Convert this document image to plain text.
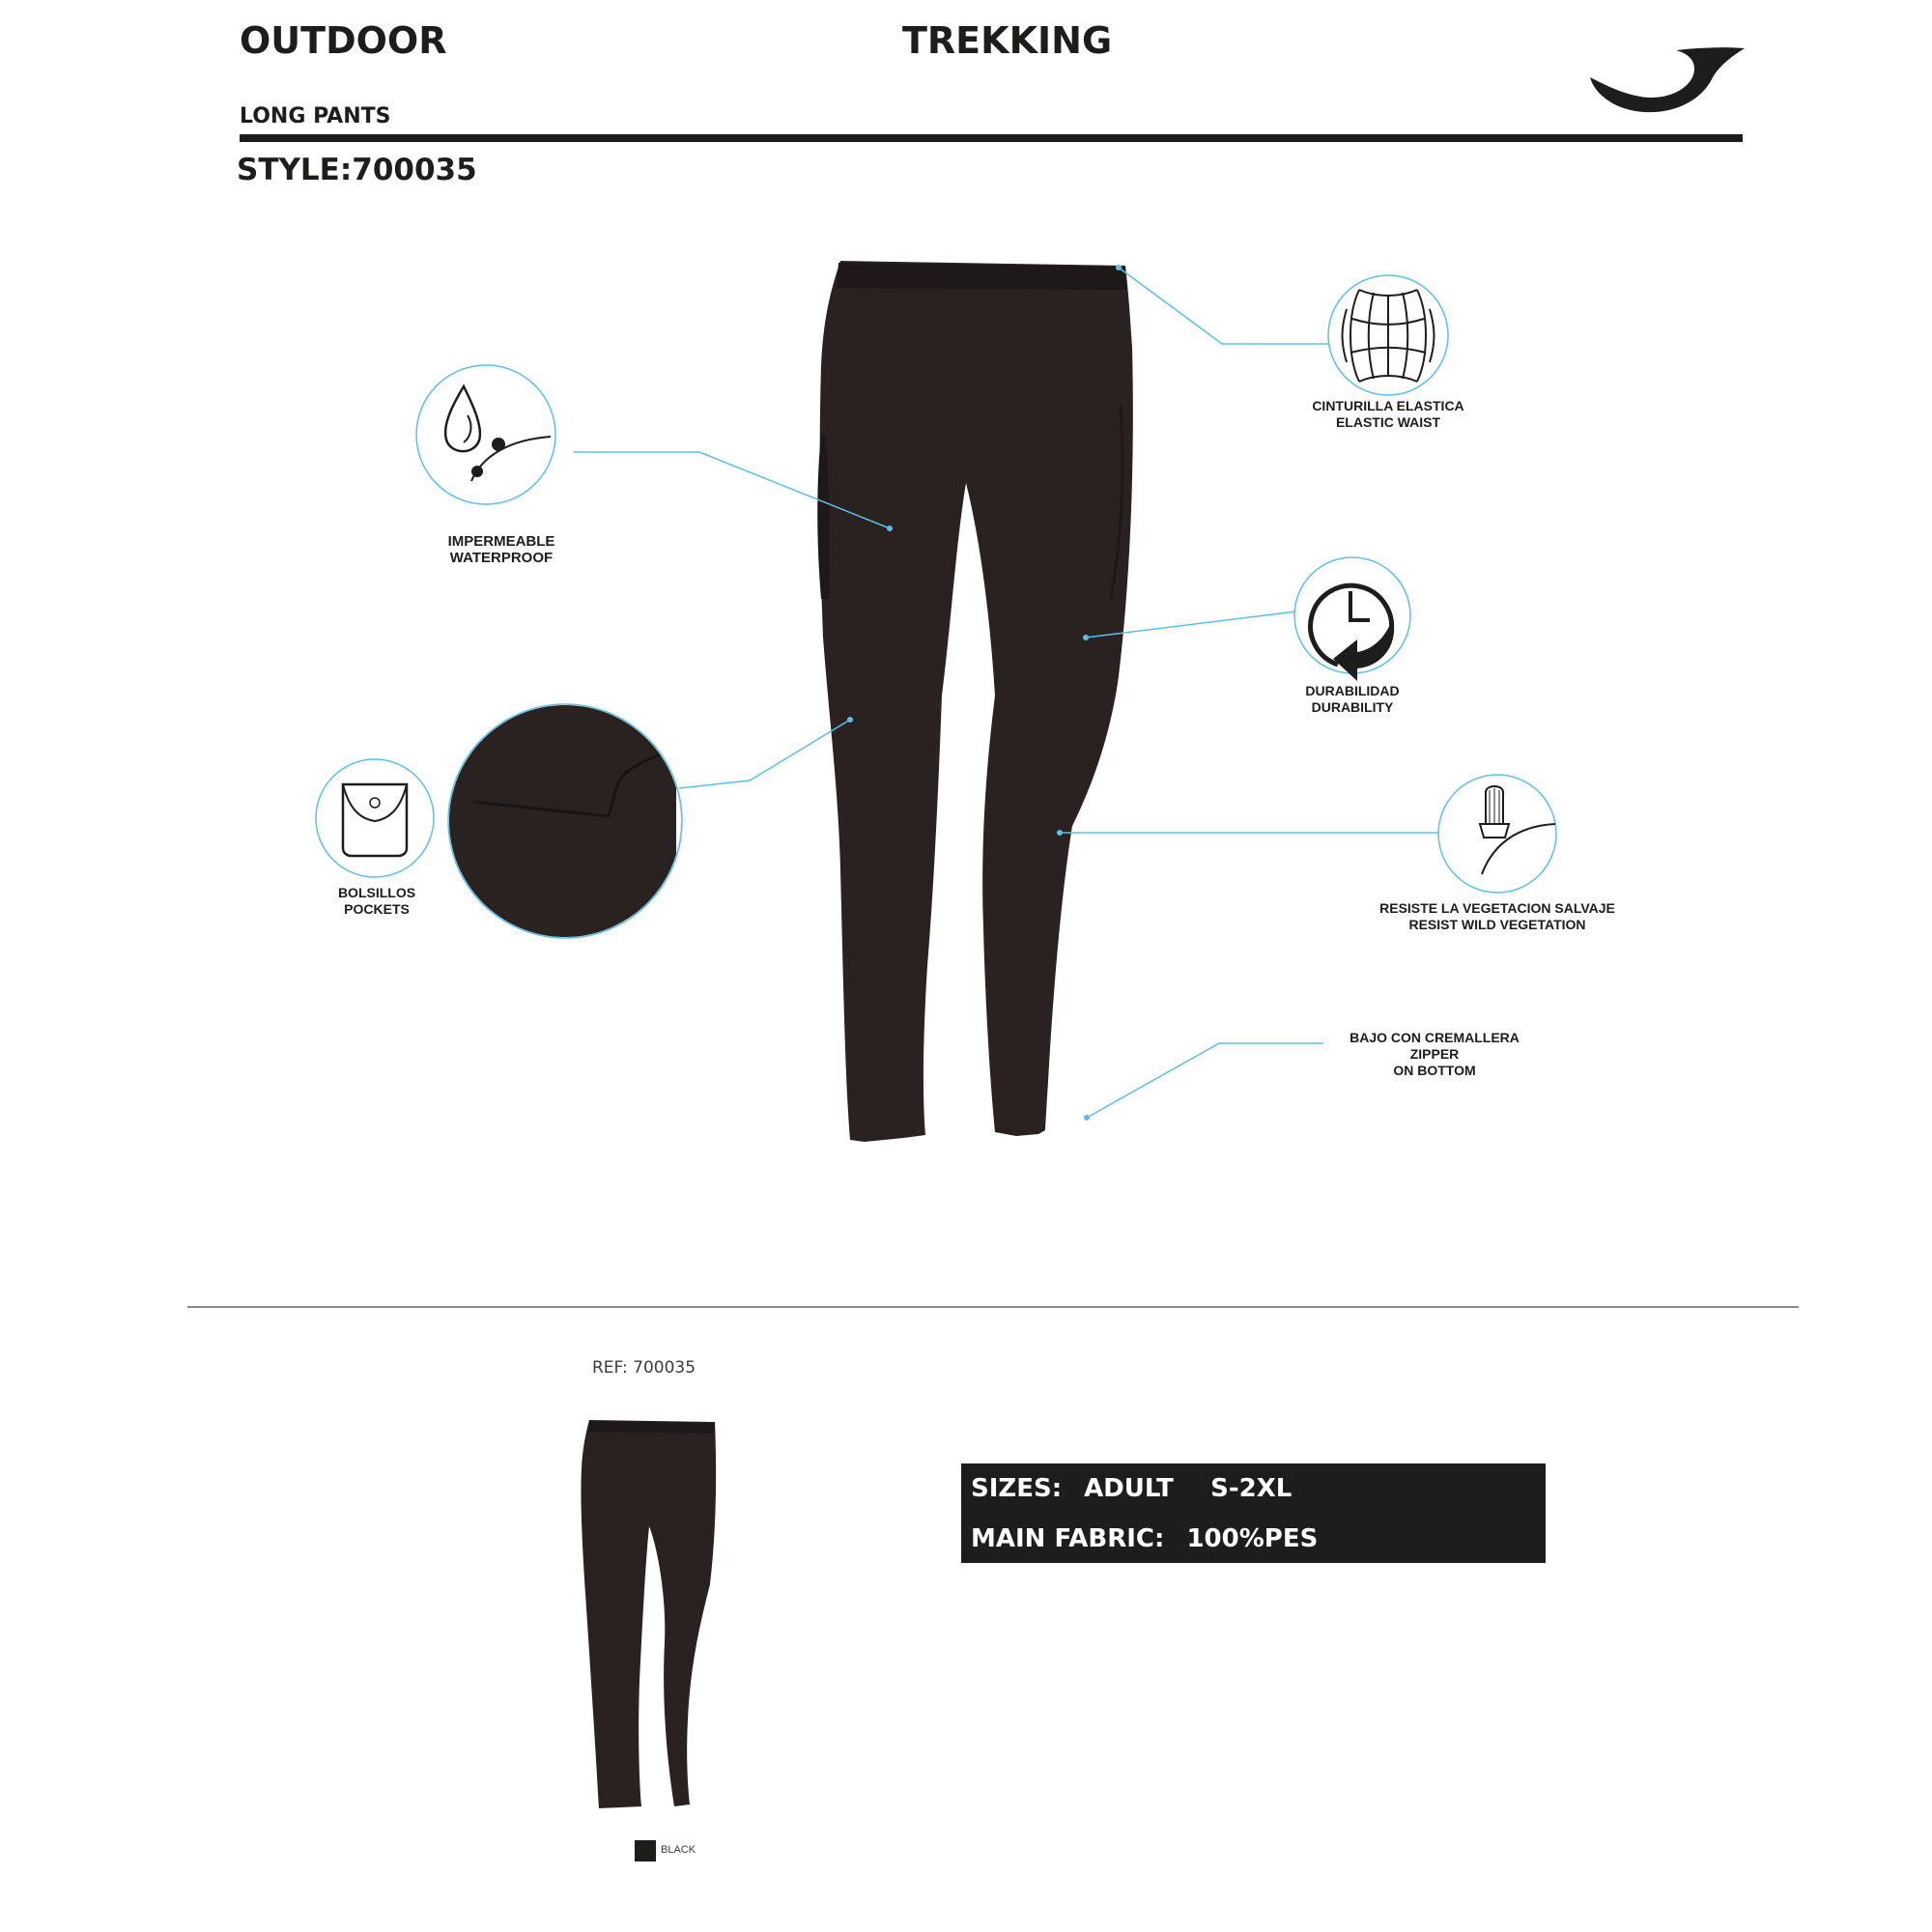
OUTDOOR	TREKKING
LONG PANTS
STYLE:700035
IMPERMEABLE
WATERPROOF
CINTURILLA ELASTICA
ELASTIC WAIST
DURABILIDAD
DURABILITY
BOLSILLOS
POCKETS	RESISTE LA VEGETACION SALVAJE
RESIST WILD VEGETATION
BAJO CON CREMALLERA
ZIPPER
ON BOTTOM
REF: 700035
BLACK
SIZES: ADULT S-2XL
MAIN FABRIC: 100%PES
